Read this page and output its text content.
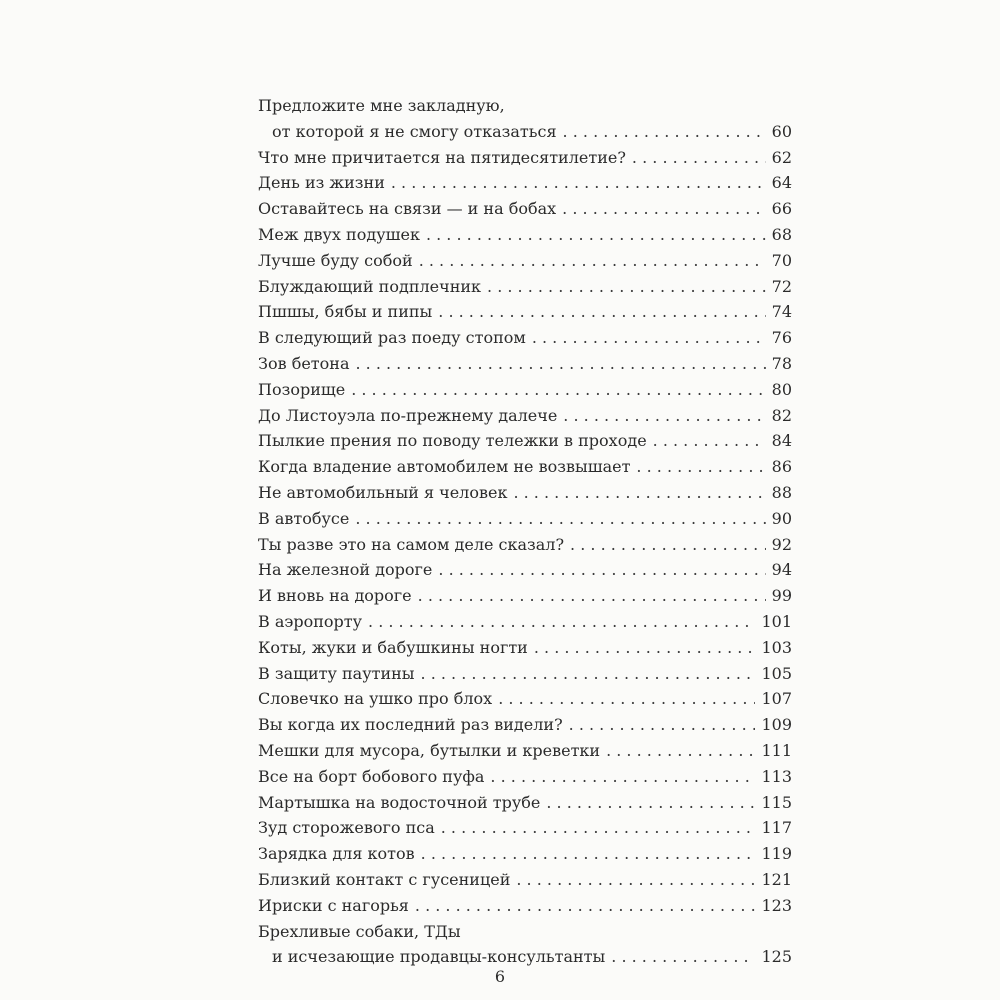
Предложите мне закладную,
от которой я не смогу отказаться . . .	60
Что мне причитается на пятидесятилетие? . . .	62
День из жизни . . .	64
Оставайтесь на связи — и на бобах . . .	66
Меж двух подушек . . .	68
Лучше буду собой . . .	70
Блуждающий подплечник . . .	72
Пшшы, бябы и пипы . . .	74
В следующий раз поеду стопом . . .	76
Зов бетона . . .	78
Позорище . . .	80
До Листоуэла по-прежнему далече . . .	82
Пылкие прения по поводу тележки в проходе . . .	84
Когда владение автомобилем не возвышает . . .	86
Не автомобильный я человек . . .	88
В автобусе . . .	90
Ты разве это на самом деле сказал? . . .	92
На железной дороге . . .	94
И вновь на дороге . . .	99
В аэропорту . . .	101
Коты, жуки и бабушкины ногти . . .	103
В защиту паутины . . .	105
Словечко на ушко про блох . . .	107
Вы когда их последний раз видели? . . .	109
Мешки для мусора, бутылки и креветки . . .	111
Все на борт бобового пуфа . . .	113
Мартышка на водосточной трубе . . .	115
Зуд сторожевого пса . . .	117
Зарядка для котов . . .	119
Близкий контакт с гусеницей . . .	121
Ириски с нагорья . . .	123
Брехливые собаки, ТДы
и исчезающие продавцы-консультанты . . .	125
6
